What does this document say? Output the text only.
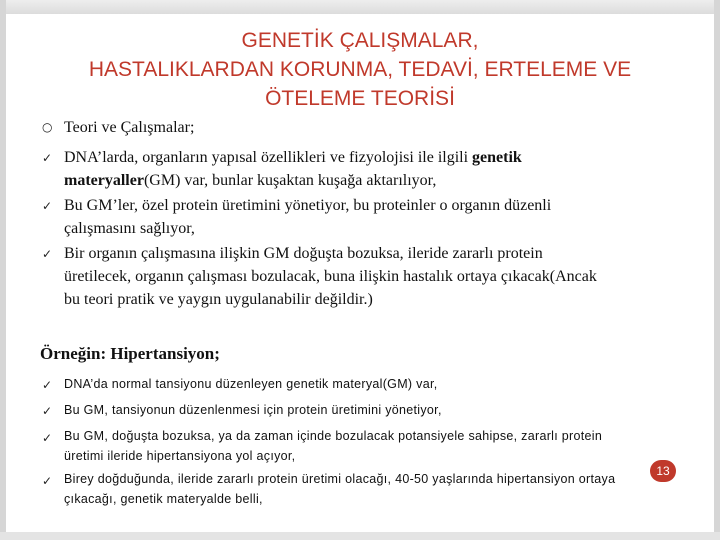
GENETİK ÇALIŞMALAR,
HASTALIKLARDAN KORUNMA, TEDAVİ, ERTELEME VE
ÖTELEME TEORİSİ
○ Teori ve Çalışmalar;
✓ DNA’larda, organların yapısal özellikleri ve fizyolojisi ile ilgili genetik
materyaller(GM) var, bunlar kuşaktan kuşağa aktarılıyor,
✓ Bu GM’ler, özel protein üretimini yönetiyor, bu proteinler o organın düzenli
çalışmasını sağlıyor,
✓ Bir organın çalışmasına ilişkin GM doğuşta bozuksa, ileride zararlı protein
üretilecek, organın çalışması bozulacak, buna ilişkin hastalık ortaya çıkacak(Ancak
bu teori pratik ve yaygın uygulanabilir değildir.)
Örneğin: Hipertansiyon;
✓ DNA’da normal tansiyonu düzenleyen genetik materyal(GM) var,
✓ Bu GM, tansiyonun düzenlenmesi için protein üretimini yönetiyor,
✓ Bu GM, doğuşta bozuksa, ya da zaman içinde bozulacak potansiyele sahipse, zararlı protein
üretimi ileride hipertansiyona yol açıyor,
13
✓ Birey doğduğunda, ileride zararlı protein üretimi olacağı, 40-50 yaşlarında hipertansiyon ortaya
çıkacağı, genetik materyalde belli,
